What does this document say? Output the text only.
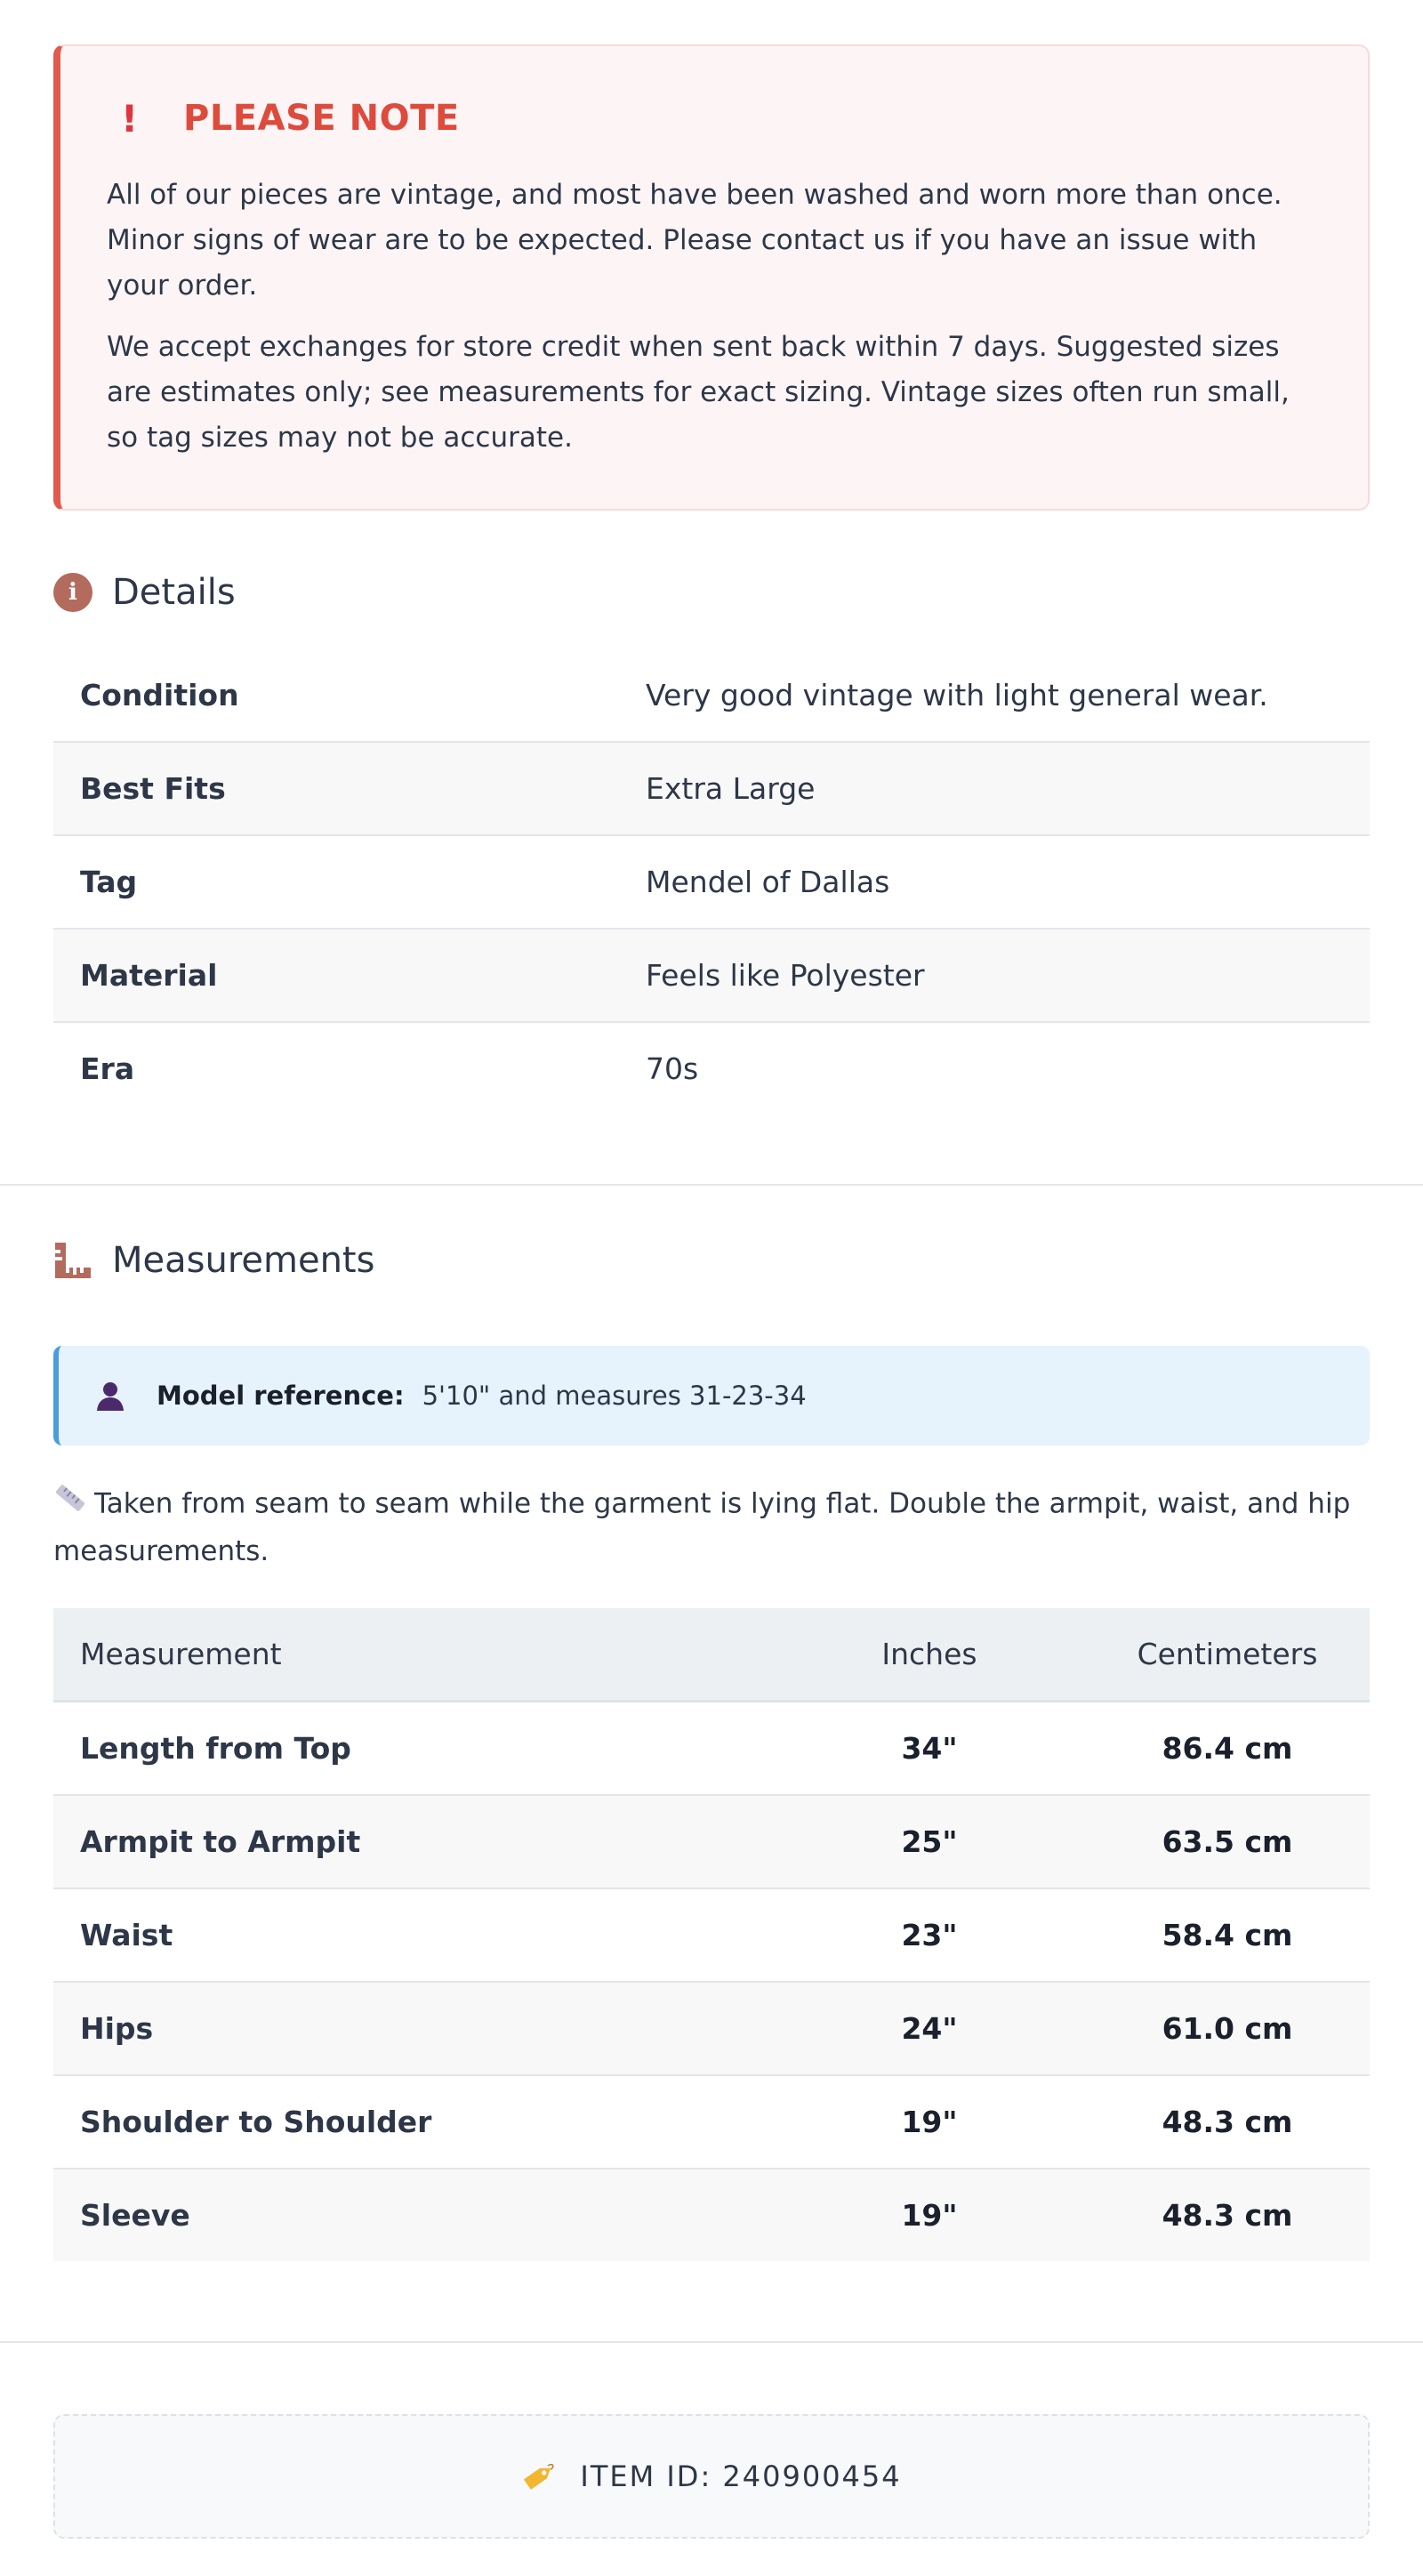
!	PLEASE NOTE

All of our pieces are vintage, and most have been washed and worn more than once. Minor signs of wear are to be expected. Please contact us if you have an issue with your order.

We accept exchanges for store credit when sent back within 7 days. Suggested sizes are estimates only; see measurements for exact sizing. Vintage sizes often run small, so tag sizes may not be accurate.

i Details
Condition	Very good vintage with light general wear.
Best Fits	Extra Large
Tag	Mendel of Dallas
Material	Feels like Polyester
Era	70s
Measurements
Model reference: 5'10" and measures 31-23-34
Taken from seam to seam while the garment is lying flat. Double the armpit, waist, and hip measurements.
Measurement	Inches	Centimeters
Length from Top	34"	86.4 cm
Armpit to Armpit	25"	63.5 cm
Waist	23"	58.4 cm
Hips	24"	61.0 cm
Shoulder to Shoulder	19"	48.3 cm
Sleeve	19"	48.3 cm
ITEM ID: 240900454
